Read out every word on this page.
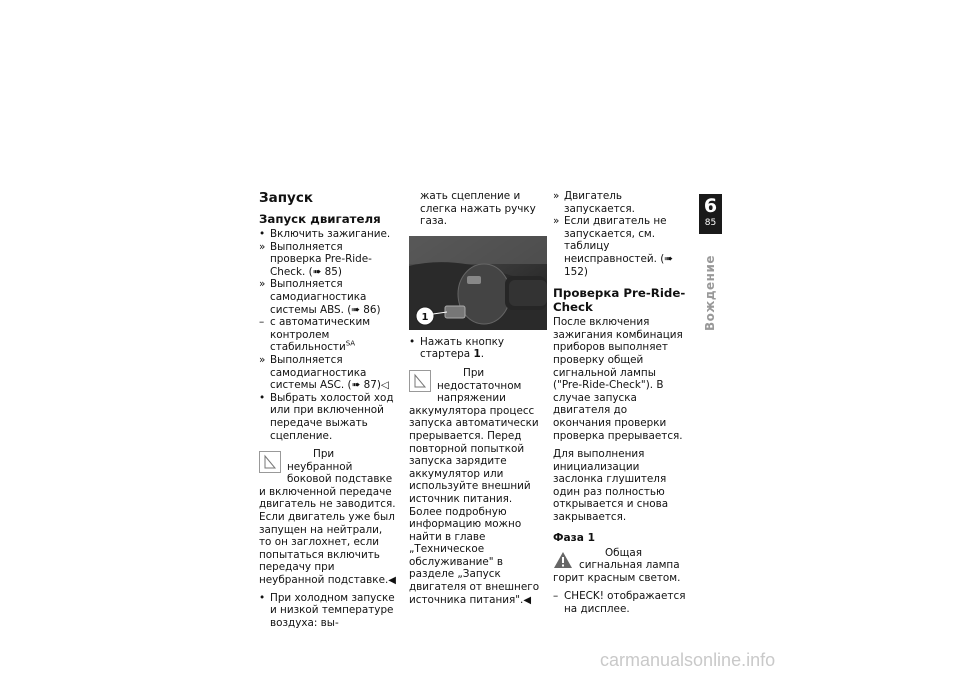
Запуск
Запуск двигателя

• Включить зажигание.

» Выполняется проверка Pre-Ride-Check. (➠ 85)

» Выполняется самодиагностика системы ABS. (➠ 86)

– с автоматическим контролем стабильности$^{SA}$

» Выполняется самодиагностика системы ASC. (➠ 87)◁

• Выбрать холостой ход или при включенной передаче выжать сцепление.

При неубранной боковой подставке и включенной передаче двигатель не заводится. Если двигатель уже был запущен на нейтрали, то он заглохнет, если попытаться включить передачу при неубранной подставке.◀

• При холодном запуске и низкой температуре воздуха: вы-

жать сцепление и слегка нажать ручку газа.

1

• Нажать кнопку стартера 1.

При недостаточном напряжении аккумулятора процесс запуска автоматически прерывается. Перед повторной попыткой запуска зарядите аккумулятор или используйте внешний источник питания. Более подробную информацию можно найти в главе „Техническое обслуживание" в разделе „Запуск двигателя от внешнего источника питания".◀

» Двигатель запускается.

» Если двигатель не запускается, см. таблицу неисправностей. (➠ 152)

Проверка Pre-Ride-Check

После включения зажигания комбинация приборов выполняет проверку общей сигнальной лампы ("Pre-Ride-Check"). В случае запуска двигателя до окончания проверки проверка прерывается.

Для выполнения инициализации заслонка глушителя один раз полностью открывается и снова закрывается.

Фаза 1

Общая сигнальная лампа горит красным светом.

– CHECK! отображается на дисплее.

6
85
Вождение
carmanualsonline.info
